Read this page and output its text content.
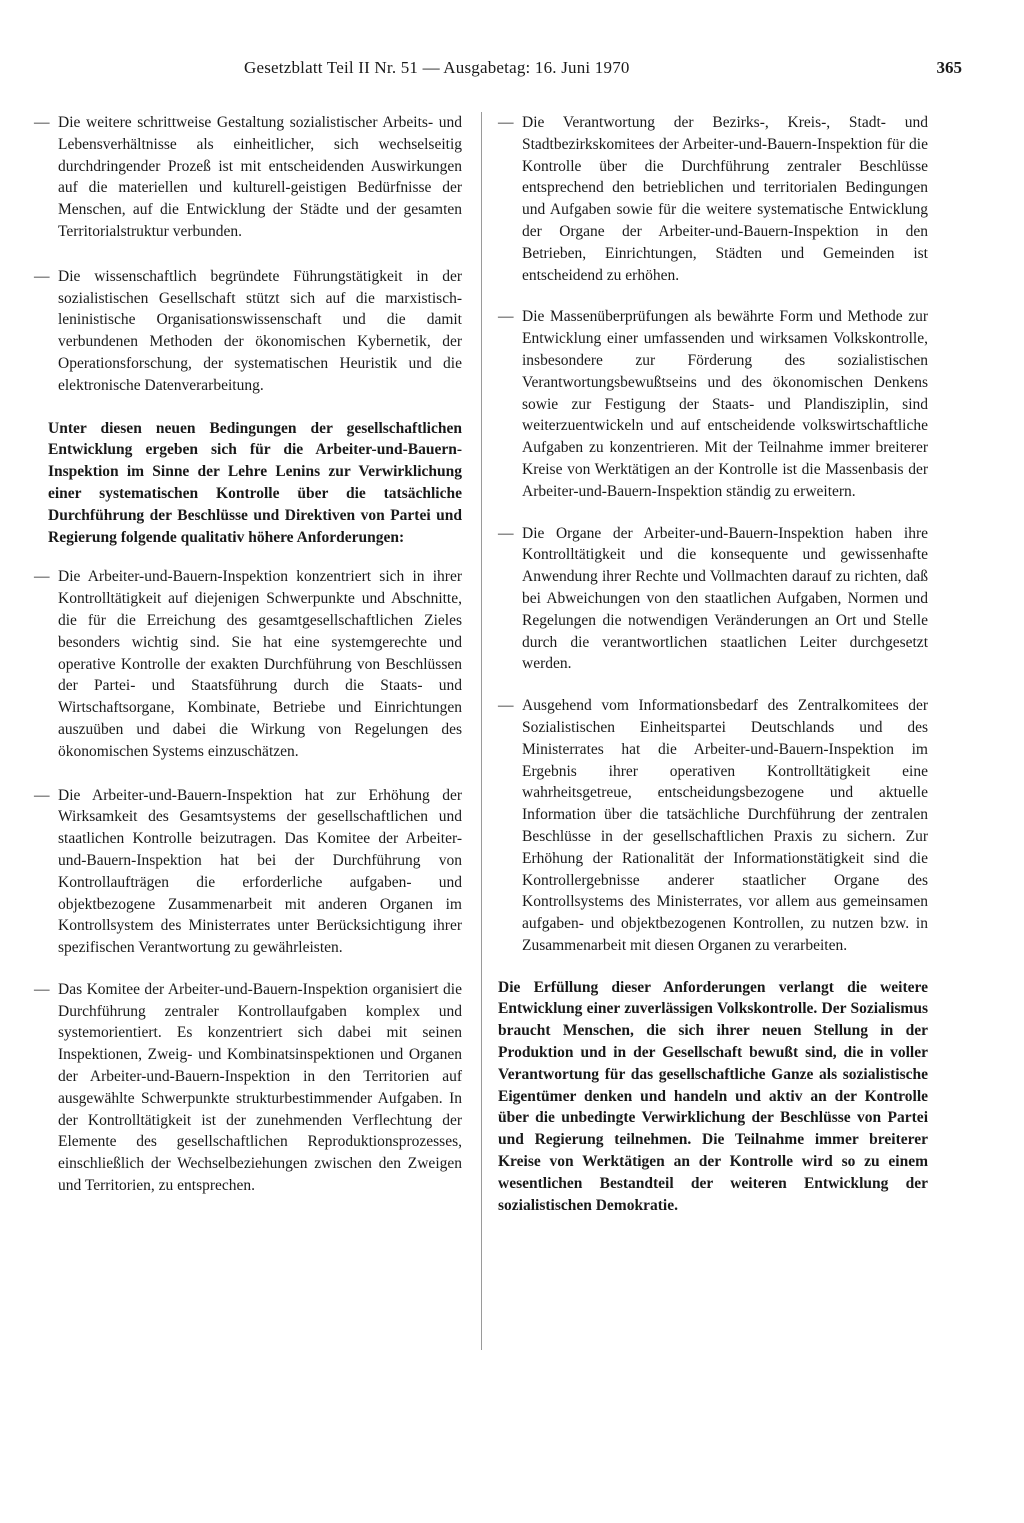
Gesetzblatt Teil II Nr. 51 — Ausgabetag: 16. Juni 1970	365

— Die weitere schrittweise Gestaltung sozialistischer Arbeits- und Lebensverhältnisse als einheitlicher, sich wechselseitig durchdringender Prozeß ist mit entscheidenden Auswirkungen auf die materiellen und kulturell-geistigen Bedürfnisse der Menschen, auf die Entwicklung der Städte und der gesamten Territorialstruktur verbunden.

— Die wissenschaftlich begründete Führungstätigkeit in der sozialistischen Gesellschaft stützt sich auf die marxistisch-leninistische Organisationswissenschaft und die damit verbundenen Methoden der ökonomischen Kybernetik, der Operationsforschung, der systematischen Heuristik und die elektronische Datenverarbeitung.

Unter diesen neuen Bedingungen der gesellschaftlichen Entwicklung ergeben sich für die Arbeiter-und-Bauern-Inspektion im Sinne der Lehre Lenins zur Verwirklichung einer systematischen Kontrolle über die tatsächliche Durchführung der Beschlüsse und Direktiven von Partei und Regierung folgende qualitativ höhere Anforderungen:

— Die Arbeiter-und-Bauern-Inspektion konzentriert sich in ihrer Kontrolltätigkeit auf diejenigen Schwerpunkte und Abschnitte, die für die Erreichung des gesamtgesellschaftlichen Zieles besonders wichtig sind. Sie hat eine systemgerechte und operative Kontrolle der exakten Durchführung von Beschlüssen der Partei- und Staatsführung durch die Staats- und Wirtschaftsorgane, Kombinate, Betriebe und Einrichtungen auszuüben und dabei die Wirkung von Regelungen des ökonomischen Systems einzuschätzen.

— Die Arbeiter-und-Bauern-Inspektion hat zur Erhöhung der Wirksamkeit des Gesamtsystems der gesellschaftlichen und staatlichen Kontrolle beizutragen. Das Komitee der Arbeiter-und-Bauern-Inspektion hat bei der Durchführung von Kontrollaufträgen die erforderliche aufgaben- und objektbezogene Zusammenarbeit mit anderen Organen im Kontrollsystem des Ministerrates unter Berücksichtigung ihrer spezifischen Verantwortung zu gewährleisten.

— Das Komitee der Arbeiter-und-Bauern-Inspektion organisiert die Durchführung zentraler Kontrollaufgaben komplex und systemorientiert. Es konzentriert sich dabei mit seinen Inspektionen, Zweig- und Kombinatsinspektionen und Organen der Arbeiter-und-Bauern-Inspektion in den Territorien auf ausgewählte Schwerpunkte strukturbestimmender Aufgaben. In der Kontrolltätigkeit ist der zunehmenden Verflechtung der Elemente des gesellschaftlichen Reproduktionsprozesses, einschließlich der Wechselbeziehungen zwischen den Zweigen und Territorien, zu entsprechen.

— Die Verantwortung der Bezirks-, Kreis-, Stadt- und Stadtbezirkskomitees der Arbeiter-und-Bauern-Inspektion für die Kontrolle über die Durchführung zentraler Beschlüsse entsprechend den betrieblichen und territorialen Bedingungen und Aufgaben sowie für die weitere systematische Entwicklung der Organe der Arbeiter-und-Bauern-Inspektion in den Betrieben, Einrichtungen, Städten und Gemeinden ist entscheidend zu erhöhen.

— Die Massenüberprüfungen als bewährte Form und Methode zur Entwicklung einer umfassenden und wirksamen Volkskontrolle, insbesondere zur Förderung des sozialistischen Verantwortungsbewußtseins und des ökonomischen Denkens sowie zur Festigung der Staats- und Plandisziplin, sind weiterzuentwickeln und auf entscheidende volkswirtschaftliche Aufgaben zu konzentrieren. Mit der Teilnahme immer breiterer Kreise von Werktätigen an der Kontrolle ist die Massenbasis der Arbeiter-und-Bauern-Inspektion ständig zu erweitern.

— Die Organe der Arbeiter-und-Bauern-Inspektion haben ihre Kontrolltätigkeit und die konsequente und gewissenhafte Anwendung ihrer Rechte und Vollmachten darauf zu richten, daß bei Abweichungen von den staatlichen Aufgaben, Normen und Regelungen die notwendigen Veränderungen an Ort und Stelle durch die verantwortlichen staatlichen Leiter durchgesetzt werden.

— Ausgehend vom Informationsbedarf des Zentralkomitees der Sozialistischen Einheitspartei Deutschlands und des Ministerrates hat die Arbeiter-und-Bauern-Inspektion im Ergebnis ihrer operativen Kontrolltätigkeit eine wahrheitsgetreue, entscheidungsbezogene und aktuelle Information über die tatsächliche Durchführung der zentralen Beschlüsse in der gesellschaftlichen Praxis zu sichern. Zur Erhöhung der Rationalität der Informationstätigkeit sind die Kontrollergebnisse anderer staatlicher Organe des Kontrollsystems des Ministerrates, vor allem aus gemeinsamen aufgaben- und objektbezogenen Kontrollen, zu nutzen bzw. in Zusammenarbeit mit diesen Organen zu verarbeiten.

Die Erfüllung dieser Anforderungen verlangt die weitere Entwicklung einer zuverlässigen Volkskontrolle. Der Sozialismus braucht Menschen, die sich ihrer neuen Stellung in der Produktion und in der Gesellschaft bewußt sind, die in voller Verantwortung für das gesellschaftliche Ganze als sozialistische Eigentümer denken und handeln und aktiv an der Kontrolle über die unbedingte Verwirklichung der Beschlüsse von Partei und Regierung teilnehmen. Die Teilnahme immer breiterer Kreise von Werktätigen an der Kontrolle wird so zu einem wesentlichen Bestandteil der weiteren Entwicklung der sozialistischen Demokratie.
